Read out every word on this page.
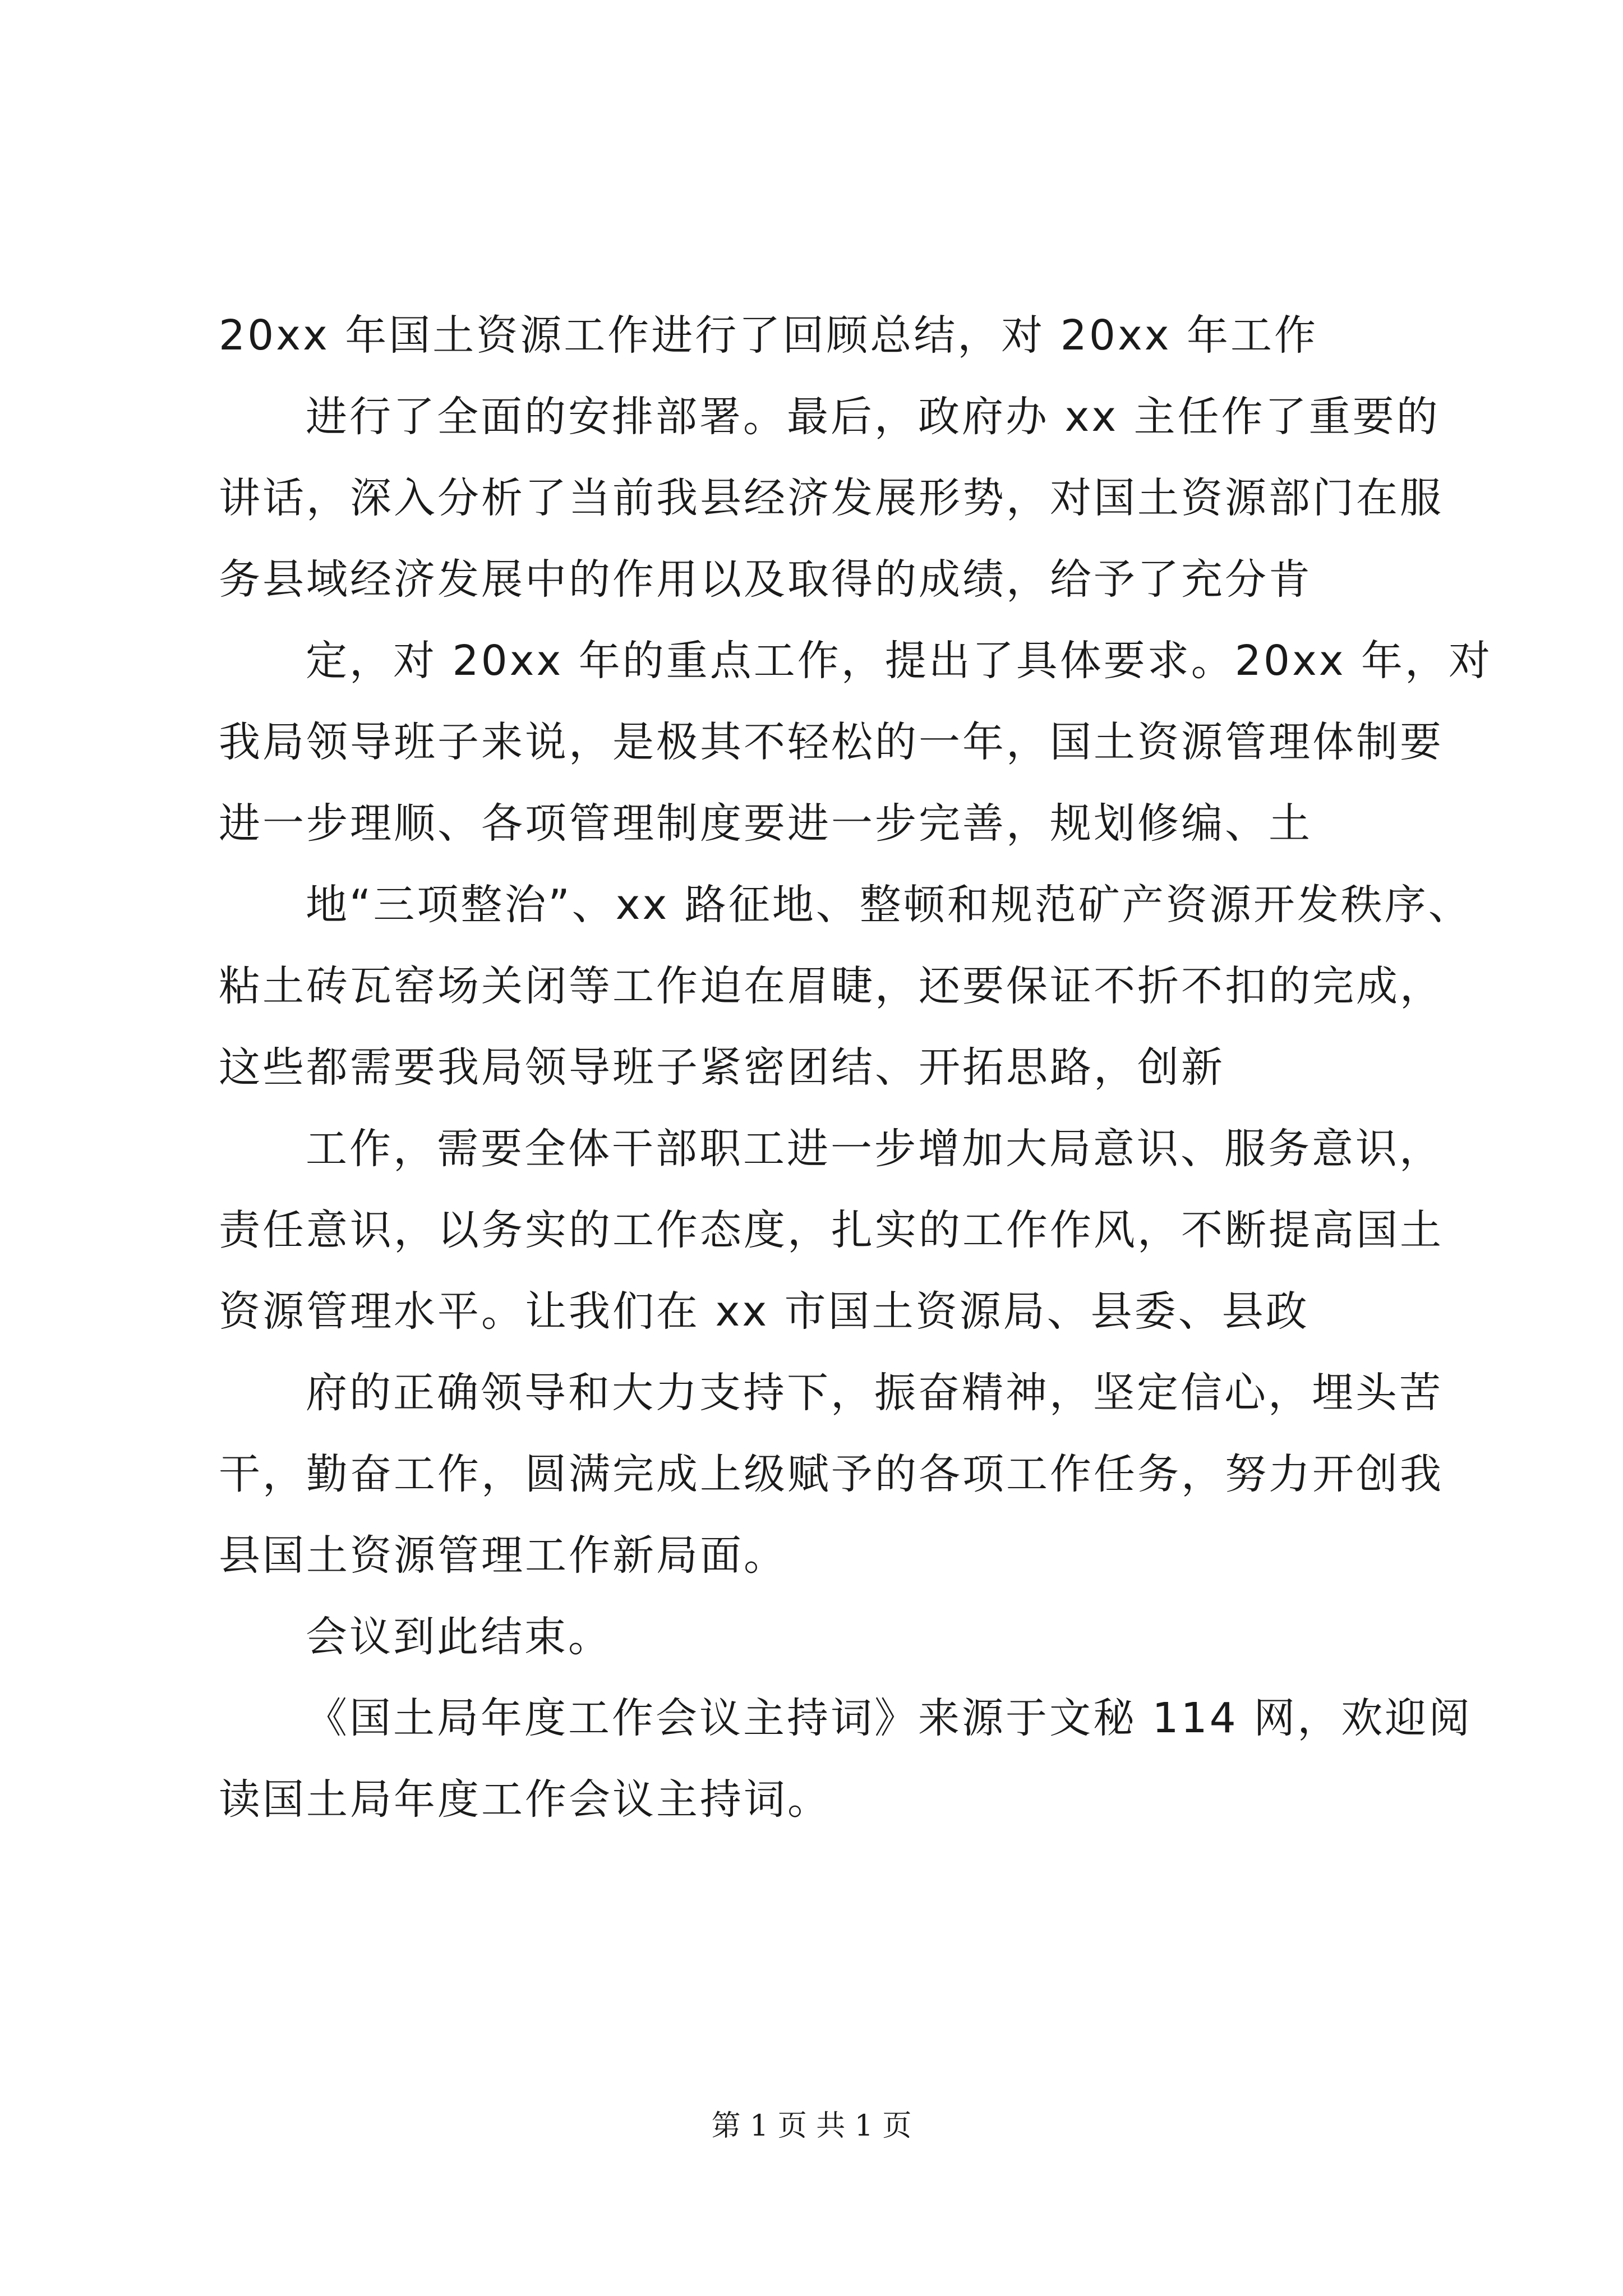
20xx 年国土资源工作进行了回顾总结，对 20xx 年工作
进行了全面的安排部署。最后，政府办 xx 主任作了重要的
讲话，深入分析了当前我县经济发展形势，对国土资源部门在服
务县域经济发展中的作用以及取得的成绩，给予了充分肯
定，对 20xx 年的重点工作，提出了具体要求。20xx 年，对
我局领导班子来说，是极其不轻松的一年，国土资源管理体制要
进一步理顺、各项管理制度要进一步完善，规划修编、土
地“三项整治”、xx 路征地、整顿和规范矿产资源开发秩序、
粘土砖瓦窑场关闭等工作迫在眉睫，还要保证不折不扣的完成，
这些都需要我局领导班子紧密团结、开拓思路，创新
工作，需要全体干部职工进一步增加大局意识、服务意识，
责任意识，以务实的工作态度，扎实的工作作风，不断提高国土
资源管理水平。让我们在 xx 市国土资源局、县委、县政
府的正确领导和大力支持下，振奋精神，坚定信心，埋头苦
干，勤奋工作，圆满完成上级赋予的各项工作任务，努力开创我
县国土资源管理工作新局面。
会议到此结束。
《国土局年度工作会议主持词》来源于文秘 114 网，欢迎阅
读国土局年度工作会议主持词。
第 1 页 共 1 页
